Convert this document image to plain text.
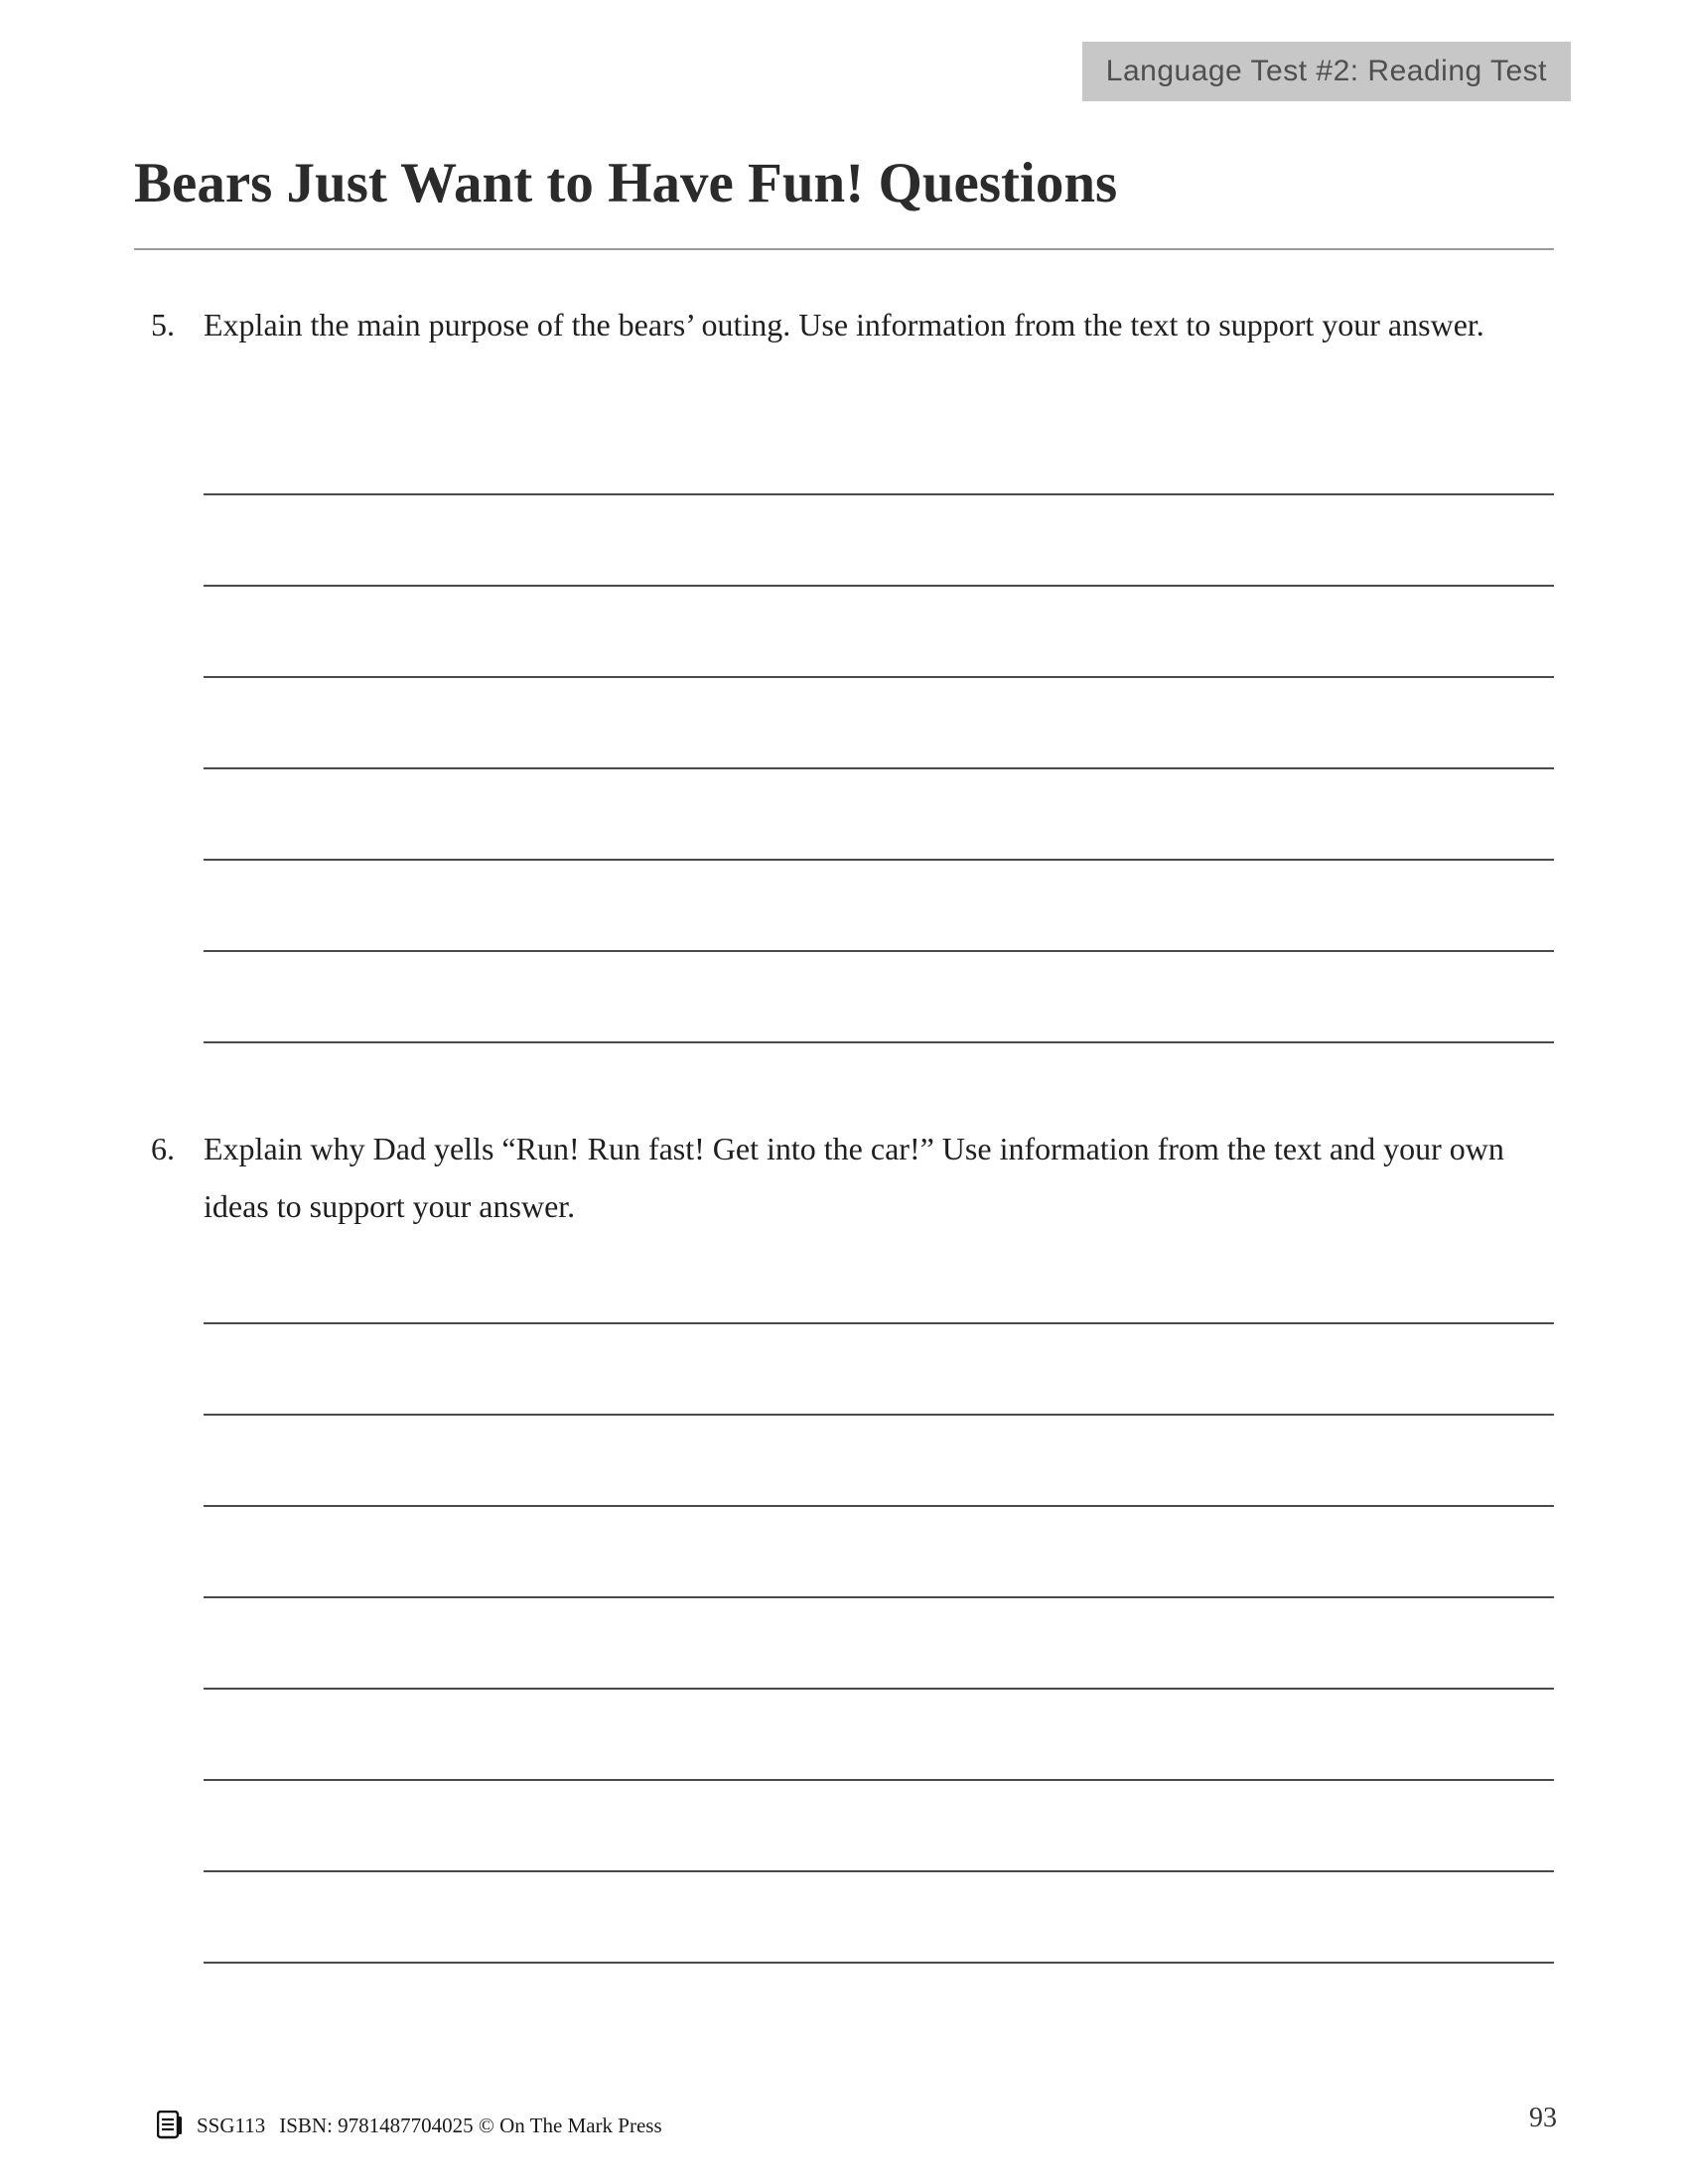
Language Test #2: Reading Test
Bears Just Want to Have Fun! Questions
5. Explain the main purpose of the bears’ outing. Use information from the text to support your answer.
6. Explain why Dad yells “Run! Run fast! Get into the car!” Use information from the text and your own ideas to support your answer.
SSG113 ISBN: 9781487704025 © On The Mark Press	93
